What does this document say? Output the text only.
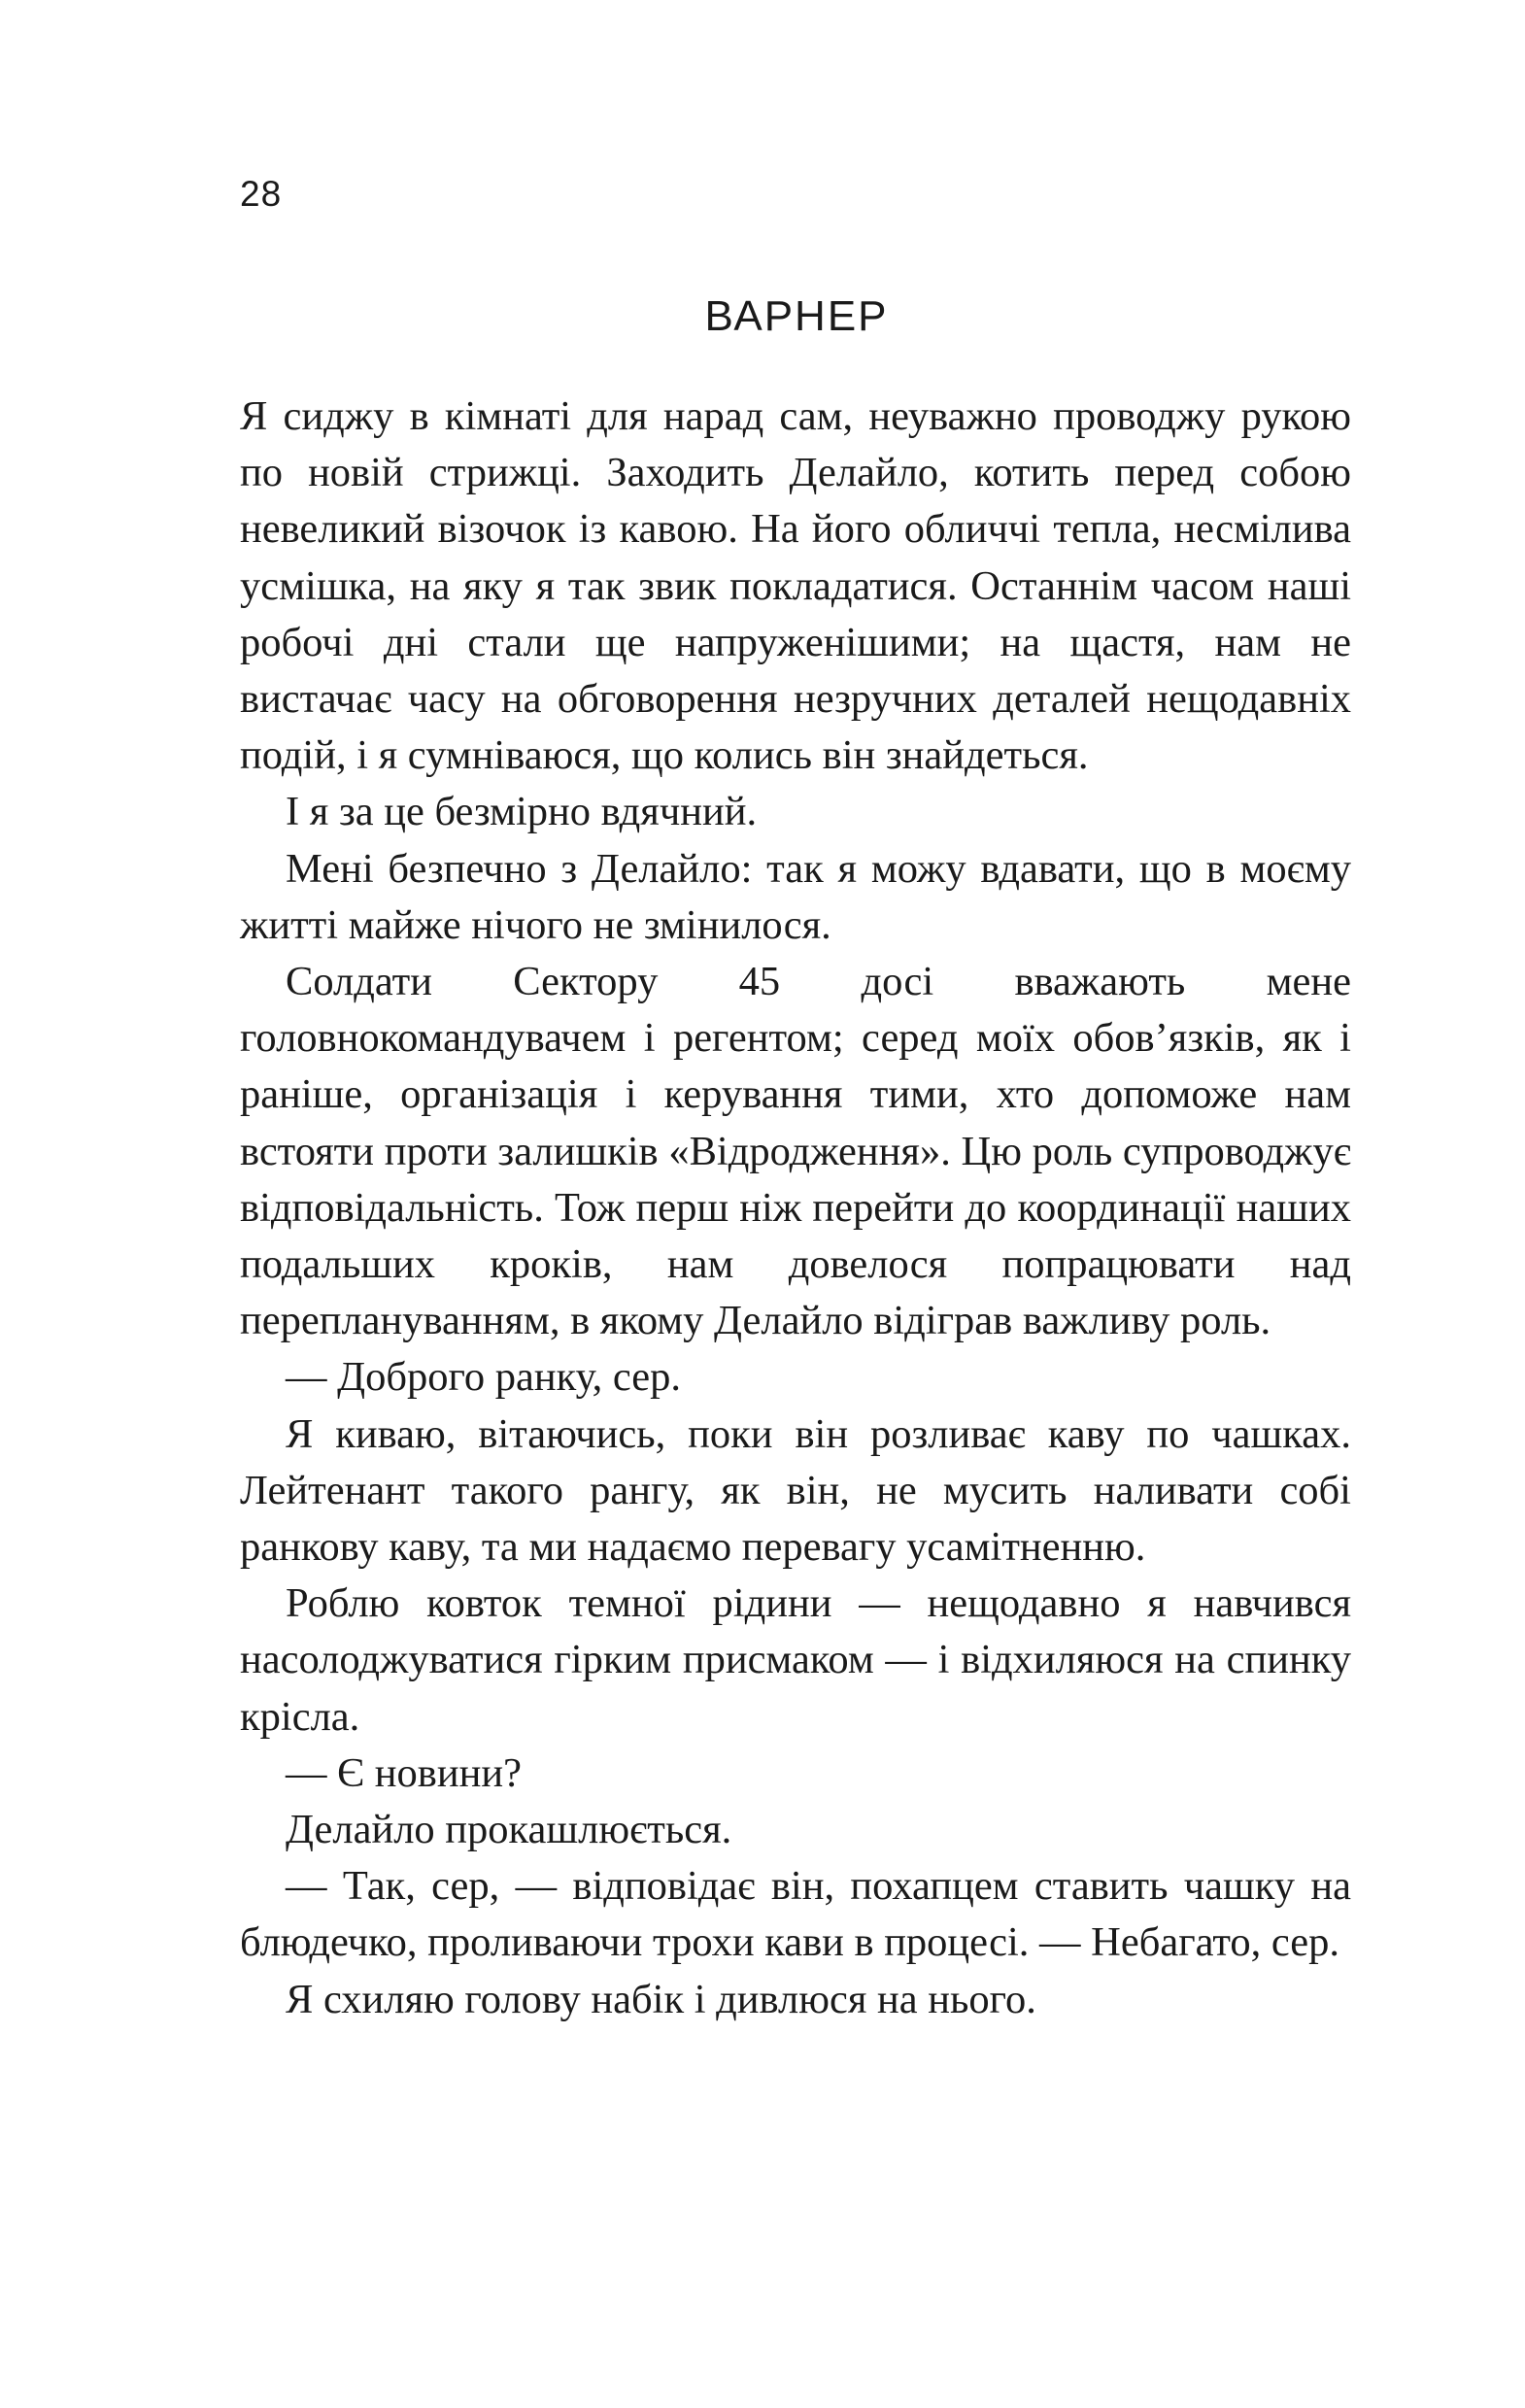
28
ВАРНЕР

Я сиджу в кімнаті для нарад сам, неуважно проводжу рукою по новій стрижці. Заходить Делайло, котить перед собою невеликий візочок із кавою. На його обличчі тепла, несмілива усмішка, на яку я так звик покладатися. Останнім часом наші робочі дні стали ще напруженішими; на щастя, нам не вистачає часу на обговорення незручних деталей нещодавніх подій, і я сумніваюся, що колись він знайдеться.

І я за це безмірно вдячний.

Мені безпечно з Делайло: так я можу вдавати, що в моєму житті майже нічого не змінилося.

Солдати Сектору 45 досі вважають мене головнокомандувачем і регентом; серед моїх обов’язків, як і раніше, організація і керування тими, хто допоможе нам встояти проти залишків «Відродження». Цю роль супроводжує відповідальність. Тож перш ніж перейти до координації наших подальших кроків, нам довелося попрацювати над переплануванням, в якому Делайло відіграв важливу роль.

— Доброго ранку, сер.

Я киваю, вітаючись, поки він розливає каву по чашках. Лейтенант такого рангу, як він, не мусить наливати собі ранкову каву, та ми надаємо перевагу усамітненню.

Роблю ковток темної рідини — нещодавно я навчився насолоджуватися гірким присмаком — і відхиляюся на спинку крісла.

— Є новини?

Делайло прокашлюється.

— Так, сер, — відповідає він, похапцем ставить чашку на блюдечко, проливаючи трохи кави в процесі. — Небагато, сер.

Я схиляю голову набік і дивлюся на нього.
